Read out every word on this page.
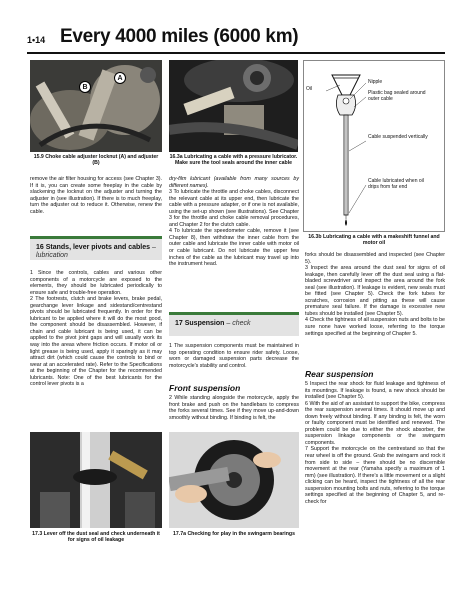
1•14 Every 4000 miles (6000 km)
A
B
15.9 Choke cable adjuster locknut (A) and adjuster (B)
16.3a Lubricating a cable with a pressure lubricator. Make sure the tool seals around the inner cable
Oil
Nipple
Plastic bag sealed around outer cable
Cable suspended vertically
Cable lubricated when oil drips from far end
16.3b Lubricating a cable with a makeshift funnel and motor oil

remove the air filter housing for access (see Chapter 3). If it is, you can create some freeplay in the cable by slackening the locknut on the adjuster and turning the adjuster in (see illustration). If there is to much freeplay, turn the adjuster out to reduce it. Otherwise, renew the cable.

16 Stands, lever pivots and cables – lubrication

1 Since the controls, cables and various other components of a motorcycle are exposed to the elements, they should be lubricated periodically to ensure safe and trouble-free operation.

2 The footrests, clutch and brake levers, brake pedal, gearchange lever linkage and sidestand/centrestand pivots should be lubricated frequently. In order for the lubricant to be applied where it will do the most good, the component should be disassembled. However, if chain and cable lubricant is being used, it can be applied to the pivot joint gaps and will usually work its way into the areas where friction occurs. If motor oil or light grease is being used, apply it sparingly as it may attract dirt (which could cause the controls to bind or wear at an accelerated rate). Refer to the Specifications at the beginning of the Chapter for the recommended lubricants. Note: One of the best lubricants for the control lever pivots is a

dry-film lubricant (available from many sources by different names).

3 To lubricate the throttle and choke cables, disconnect the relevant cable at its upper end, then lubricate the cable with a pressure adapter, or if one is not available, using the set-up shown (see illustrations). See Chapter 3 for the throttle and choke cable removal procedures, and Chapter 2 for the clutch cable.

4 To lubricate the speedometer cable, remove it (see Chapter 8), then withdraw the inner cable from the outer cable and lubricate the inner cable with motor oil or cable lubricant. Do not lubricate the upper few inches of the cable as the lubricant may travel up into the instrument head.

17 Suspension – check

1 The suspension components must be maintained in top operating condition to ensure rider safety. Loose, worn or damaged suspension parts decrease the motorcycle's stability and control.

Front suspension

2 While standing alongside the motorcycle, apply the front brake and push on the handlebars to compress the forks several times. See if they move up-and-down smoothly without binding. If binding is felt, the

forks should be disassembled and inspected (see Chapter 5).

3 Inspect the area around the dust seal for signs of oil leakage, then carefully lever off the dust seal using a flat-bladed screwdriver and inspect the area around the fork seal (see illustration). If leakage is evident, new seals must be fitted (see Chapter 5). Check the fork tubes for scratches, corrosion and pitting as these will cause premature seal failure. If the damage is excessive new tubes should be installed (see Chapter 5).

4 Check the tightness of all suspension nuts and bolts to be sure none have worked loose, referring to the torque settings specified at the beginning of Chapter 5.

Rear suspension

5 Inspect the rear shock for fluid leakage and tightness of its mountings. If leakage is found, a new shock should be installed (see Chapter 5).

6 With the aid of an assistant to support the bike, compress the rear suspension several times. It should move up and down freely without binding. If any binding is felt, the worn or faulty component must be identified and renewed. The problem could be due to either the shock absorber, the suspension linkage components or the swingarm components.

7 Support the motorcycle on the centrestand so that the rear wheel is off the ground. Grab the swingarm and rock it from side to side – there should be no discernible movement at the rear (Yamaha specify a maximum of 1 mm) (see illustration). If there's a little movement or a slight clicking can be heard, inspect the tightness of all the rear suspension mounting bolts and nuts, referring to the torque settings specified at the beginning of Chapter 5, and re-check for

17.3 Lever off the dust seal and check underneath it for signs of oil leakage
17.7a Checking for play in the swingarm bearings
